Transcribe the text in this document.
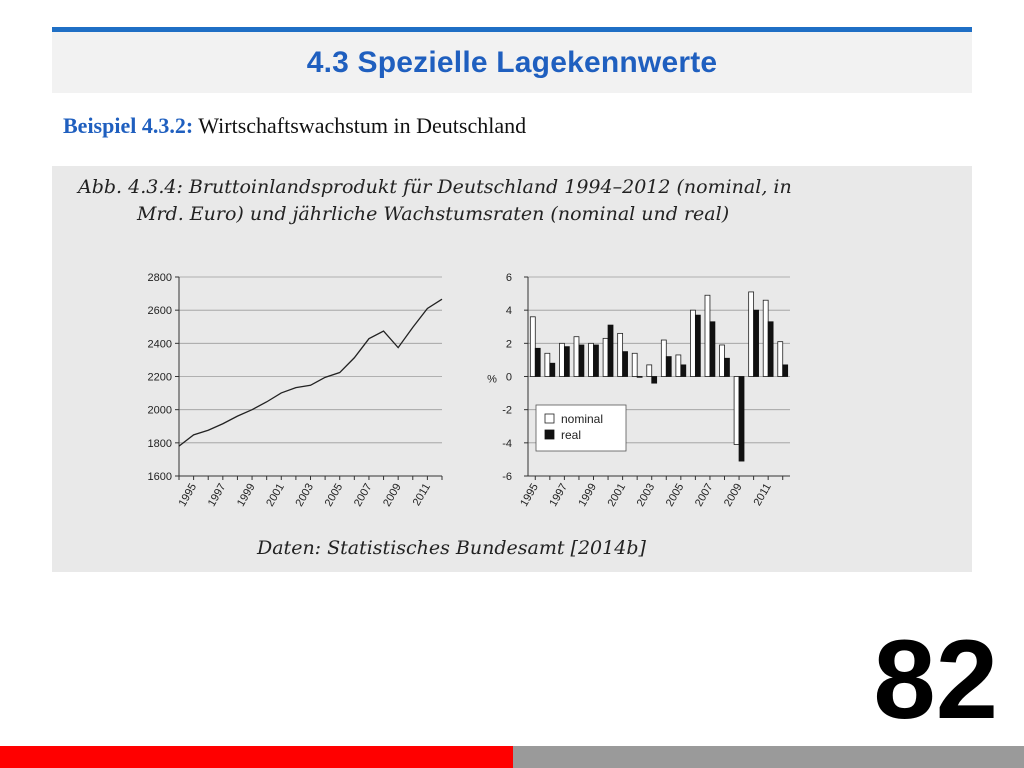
4.3 Spezielle Lagekennwerte
Beispiel 4.3.2: Wirtschaftswachstum in Deutschland
Abb. 4.3.4: Bruttoinlandsprodukt für Deutschland 1994–2012 (nominal, in
Mrd. Euro) und jährliche Wachstumsraten (nominal und real)
1600
1800
2000
2200
2400
2600
2800
1995 1997 1999 2001 2003 2005 2007 2009 2011
-6
-4
-2
0
2
4
6
%
1995 1997 1999 2001 2003 2005 2007 2009 2011
nominal
real
Daten: Statistisches Bundesamt [2014b]
82
